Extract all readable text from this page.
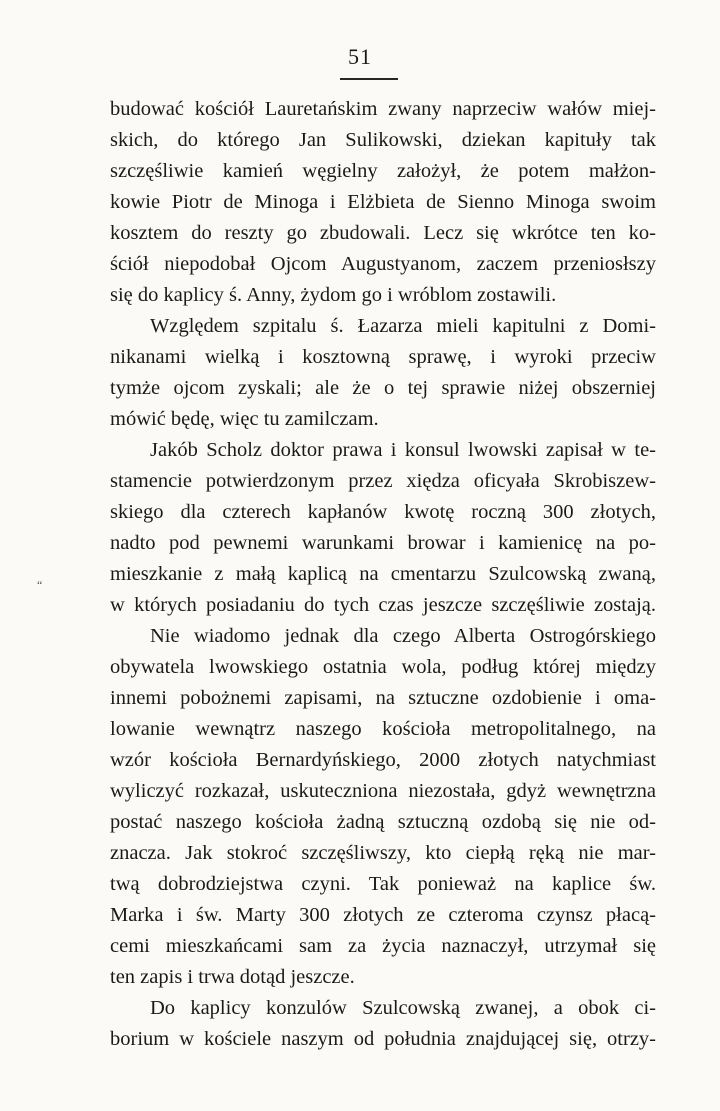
51
“
budować kościół Lauretańskim zwany naprzeciw wałów miej-
skich, do którego Jan Sulikowski, dziekan kapituły tak
szczęśliwie kamień węgielny założył, że potem małżon-
kowie Piotr de Minoga i Elżbieta de Sienno Minoga swoim
kosztem do reszty go zbudowali. Lecz się wkrótce ten ko-
ściół niepodobał Ojcom Augustyanom, zaczem przeniosłszy
się do kaplicy ś. Anny, żydom go i wróblom zostawili.
Względem szpitalu ś. Łazarza mieli kapitulni z Domi-
nikanami wielką i kosztowną sprawę, i wyroki przeciw
tymże ojcom zyskali; ale że o tej sprawie niżej obszerniej
mówić będę, więc tu zamilczam.
Jakób Scholz doktor prawa i konsul lwowski zapisał w te-
stamencie potwierdzonym przez xiędza oficyała Skrobiszew-
skiego dla czterech kapłanów kwotę roczną 300 złotych,
nadto pod pewnemi warunkami browar i kamienicę na po-
mieszkanie z małą kaplicą na cmentarzu Szulcowską zwaną,
w których posiadaniu do tych czas jeszcze szczęśliwie zostają.
Nie wiadomo jednak dla czego Alberta Ostrogórskiego
obywatela lwowskiego ostatnia wola, podług której między
innemi pobożnemi zapisami, na sztuczne ozdobienie i oma-
lowanie wewnątrz naszego kościoła metropolitalnego, na
wzór kościoła Bernardyńskiego, 2000 złotych natychmiast
wyliczyć rozkazał, uskuteczniona niezostała, gdyż wewnętrzna
postać naszego kościoła żadną sztuczną ozdobą się nie od-
znacza. Jak stokroć szczęśliwszy, kto ciepłą ręką nie mar-
twą dobrodziejstwa czyni. Tak ponieważ na kaplice św.
Marka i św. Marty 300 złotych ze czteroma czynsz płacą-
cemi mieszkańcami sam za życia naznaczył, utrzymał się
ten zapis i trwa dotąd jeszcze.
Do kaplicy konzulów Szulcowską zwanej, a obok ci-
borium w kościele naszym od południa znajdującej się, otrzy-
